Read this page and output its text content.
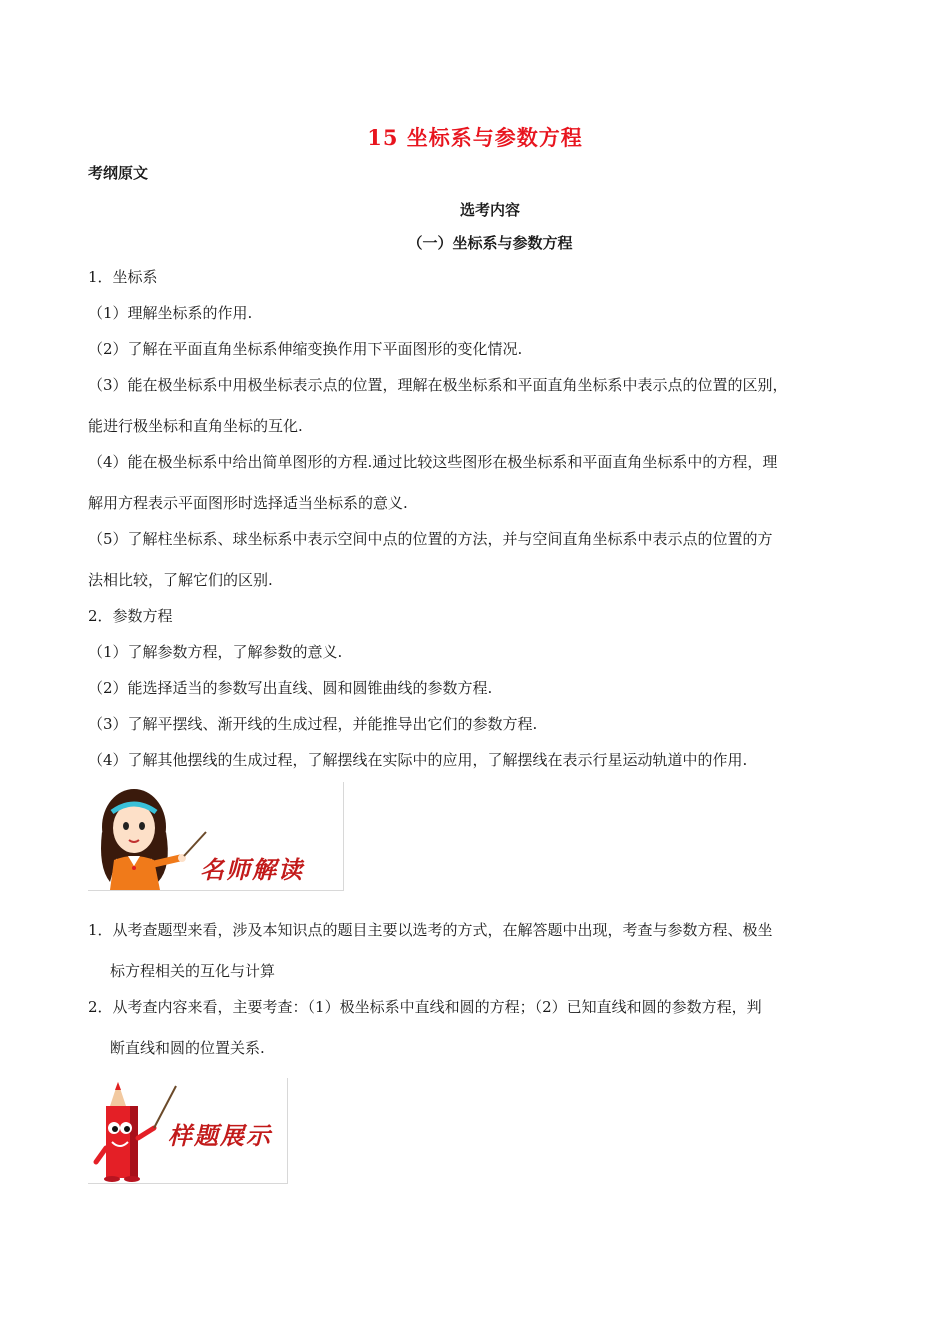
15 坐标系与参数方程
考纲原文
选考内容
（一）坐标系与参数方程
1．坐标系
（1）理解坐标系的作用.
（2）了解在平面直角坐标系伸缩变换作用下平面图形的变化情况.
（3）能在极坐标系中用极坐标表示点的位置，理解在极坐标系和平面直角坐标系中表示点的位置的区别，
能进行极坐标和直角坐标的互化.
（4）能在极坐标系中给出简单图形的方程.通过比较这些图形在极坐标系和平面直角坐标系中的方程，理
解用方程表示平面图形时选择适当坐标系的意义.
（5）了解柱坐标系、球坐标系中表示空间中点的位置的方法，并与空间直角坐标系中表示点的位置的方
法相比较，了解它们的区别.
2．参数方程
（1）了解参数方程，了解参数的意义.
（2）能选择适当的参数写出直线、圆和圆锥曲线的参数方程.
（3）了解平摆线、渐开线的生成过程，并能推导出它们的参数方程.
（4）了解其他摆线的生成过程，了解摆线在实际中的应用，了解摆线在表示行星运动轨道中的作用.
名师解读
1．从考查题型来看，涉及本知识点的题目主要以选考的方式，在解答题中出现，考查与参数方程、极坐
标方程相关的互化与计算
2．从考查内容来看，主要考查：（1）极坐标系中直线和圆的方程；（2）已知直线和圆的参数方程，判
断直线和圆的位置关系.
样题展示
